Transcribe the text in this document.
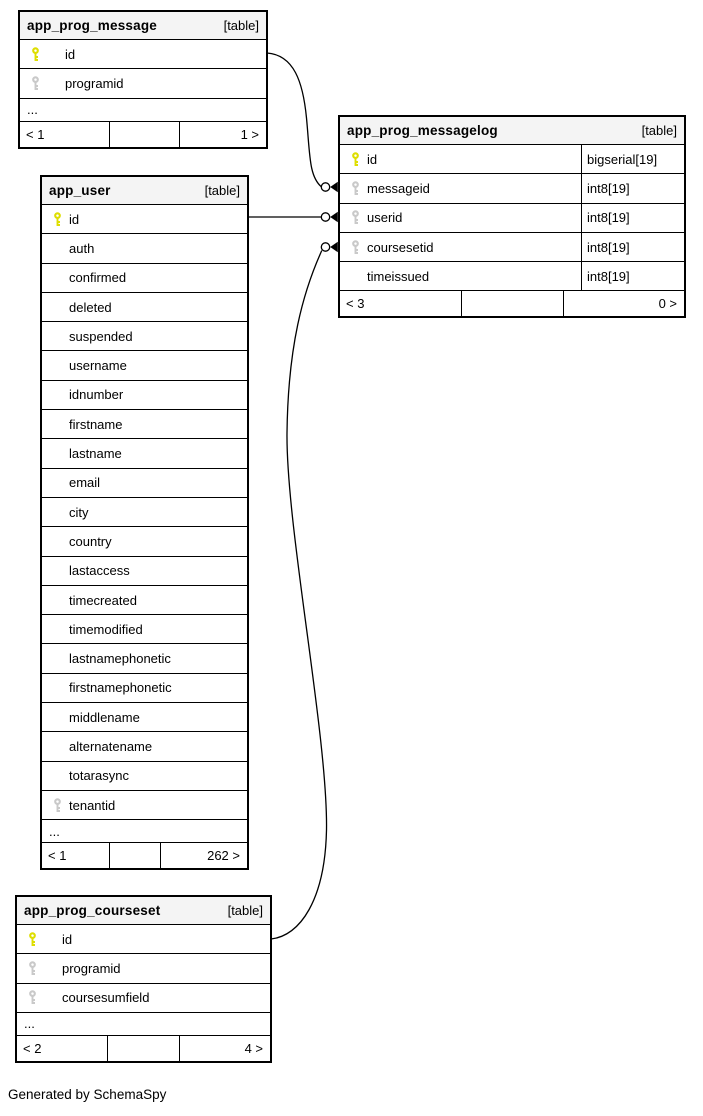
app_prog_message	[table]
id
programid
...
< 1	1 >
app_user	[table]
id
auth
confirmed
deleted
suspended
username
idnumber
firstname
lastname
email
city
country
lastaccess
timecreated
timemodified
lastnamephonetic
firstnamephonetic
middlename
alternatename
totarasync
tenantid
...
< 1	262 >
app_prog_messagelog	[table]
id	bigserial[19]
messageid	int8[19]
userid	int8[19]
coursesetid	int8[19]
timeissued	int8[19]
< 3	0 >
app_prog_courseset	[table]
id
programid
coursesumfield
...
< 2	4 >
Generated by SchemaSpy
